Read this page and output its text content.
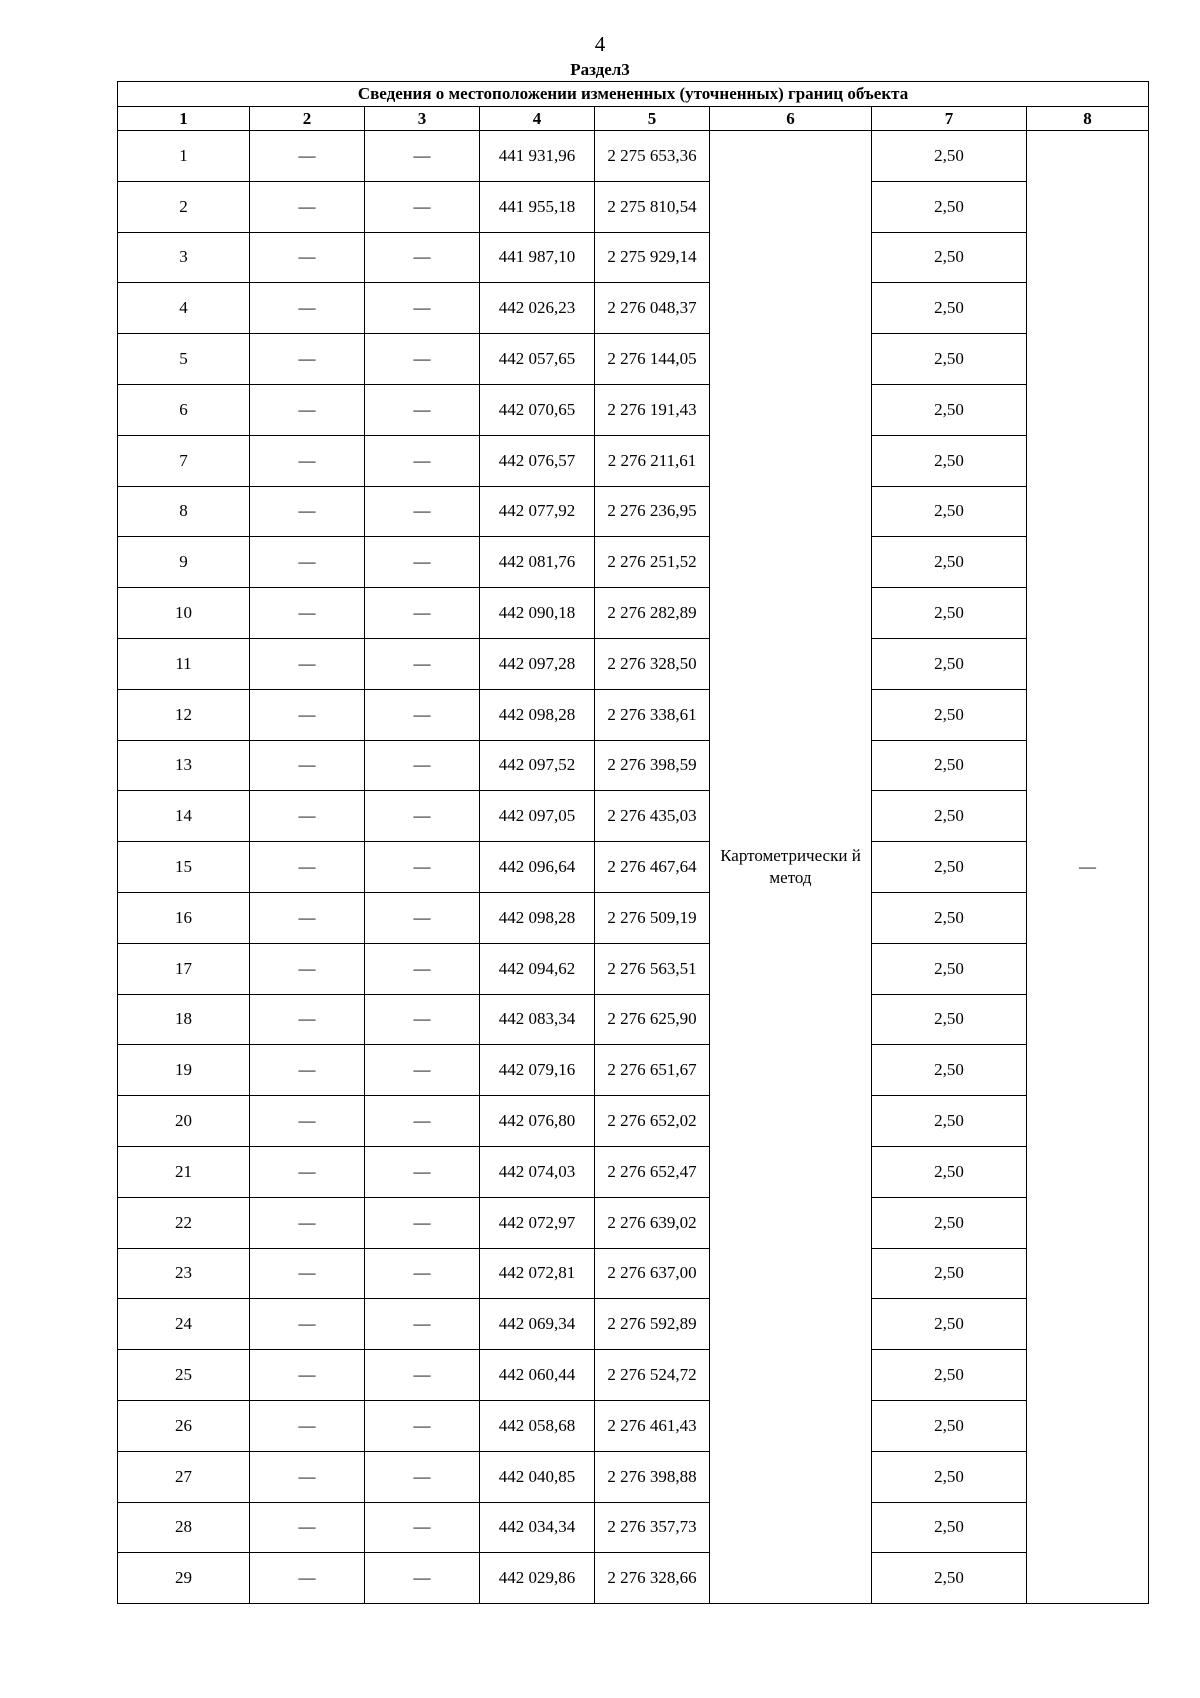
4
Раздел3
Сведения о местоположении измененных (уточненных) границ объекта							
1	2	3	4	5	6	7	8
1	—	—	441 931,96	2 275 653,36	Картометрически й метод	2,50	—
2	—	—	441 955,18	2 275 810,54		2,50	
3	—	—	441 987,10	2 275 929,14		2,50	
4	—	—	442 026,23	2 276 048,37		2,50	
5	—	—	442 057,65	2 276 144,05		2,50	
6	—	—	442 070,65	2 276 191,43		2,50	
7	—	—	442 076,57	2 276 211,61		2,50	
8	—	—	442 077,92	2 276 236,95		2,50	
9	—	—	442 081,76	2 276 251,52		2,50	
10	—	—	442 090,18	2 276 282,89		2,50	
11	—	—	442 097,28	2 276 328,50		2,50	
12	—	—	442 098,28	2 276 338,61		2,50	
13	—	—	442 097,52	2 276 398,59		2,50	
14	—	—	442 097,05	2 276 435,03		2,50	
15	—	—	442 096,64	2 276 467,64		2,50	
16	—	—	442 098,28	2 276 509,19		2,50	
17	—	—	442 094,62	2 276 563,51		2,50	
18	—	—	442 083,34	2 276 625,90		2,50	
19	—	—	442 079,16	2 276 651,67		2,50	
20	—	—	442 076,80	2 276 652,02		2,50	
21	—	—	442 074,03	2 276 652,47		2,50	
22	—	—	442 072,97	2 276 639,02		2,50	
23	—	—	442 072,81	2 276 637,00		2,50	
24	—	—	442 069,34	2 276 592,89		2,50	
25	—	—	442 060,44	2 276 524,72		2,50	
26	—	—	442 058,68	2 276 461,43		2,50	
27	—	—	442 040,85	2 276 398,88		2,50	
28	—	—	442 034,34	2 276 357,73		2,50	
29	—	—	442 029,86	2 276 328,66		2,50	
